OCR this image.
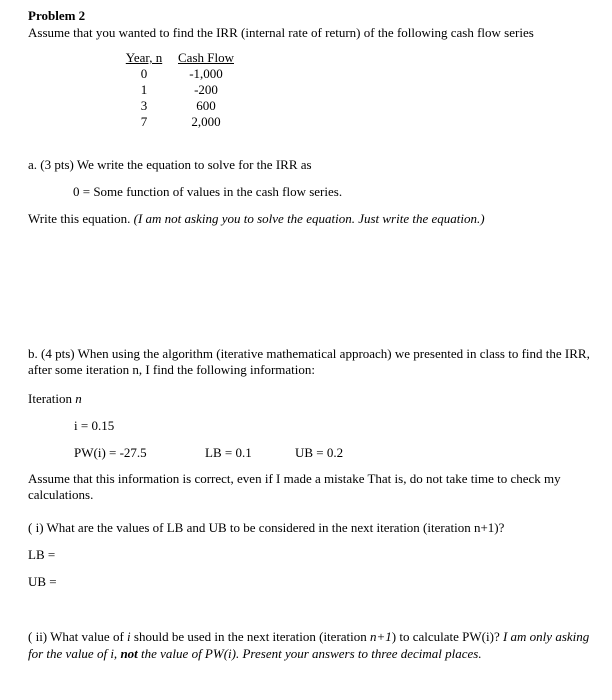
Problem 2
Assume that you wanted to find the IRR (internal rate of return) of the following cash flow series
Year, n	Cash Flow
0	-1,000
1	-200
3	600
7	2,000
a. (3 pts) We write the equation to solve for the IRR as
0 = Some function of values in the cash flow series.
Write this equation. (I am not asking you to solve the equation. Just write the equation.)
b. (4 pts) When using the algorithm (iterative mathematical approach) we presented in class to find the IRR, after some iteration n, I find the following information:
Iteration n
i = 0.15
PW(i) = -27.5	LB = 0.1	UB = 0.2
Assume that this information is correct, even if I made a mistake That is, do not take time to check my calculations.
( i) What are the values of LB and UB to be considered in the next iteration (iteration n+1)?
LB =
UB =
( ii) What value of i should be used in the next iteration (iteration n+1) to calculate PW(i)? I am only asking for the value of i, not the value of PW(i). Present your answers to three decimal places.
